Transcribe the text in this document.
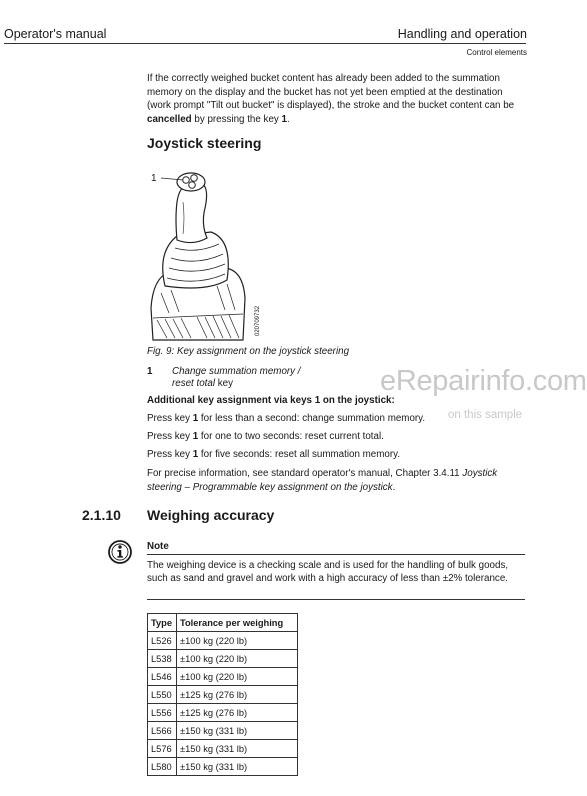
Operator's manual	Handling and operation
Control elements
If the correctly weighed bucket content has already been added to the summation memory on the display and the bucket has not yet been emptied at the destination (work prompt "Tilt out bucket" is displayed), the stroke and the bucket content can be cancelled by pressing the key 1.
Joystick steering
1
020709732
Fig. 9: Key assignment on the joystick steering
1 Change summation memory /
reset total key
Additional key assignment via keys 1 on the joystick:
Press key 1 for less than a second: change summation memory.
Press key 1 for one to two seconds: reset current total.
Press key 1 for five seconds: reset all summation memory.
For precise information, see standard operator's manual, Chapter 3.4.11 Joystick steering – Programmable key assignment on the joystick.
2.1.10 Weighing accuracy
Note
The weighing device is a checking scale and is used for the handling of bulk goods, such as sand and gravel and work with a high accuracy of less than ±2% tolerance.
Type	Tolerance per weighing
L526	±100 kg (220 lb)
L538	±100 kg (220 lb)
L546	±100 kg (220 lb)
L550	±125 kg (276 lb)
L556	±125 kg (276 lb)
L566	±150 kg (331 lb)
L576	±150 kg (331 lb)
L580	±150 kg (331 lb)
eRepairinfo.com
on this sample
